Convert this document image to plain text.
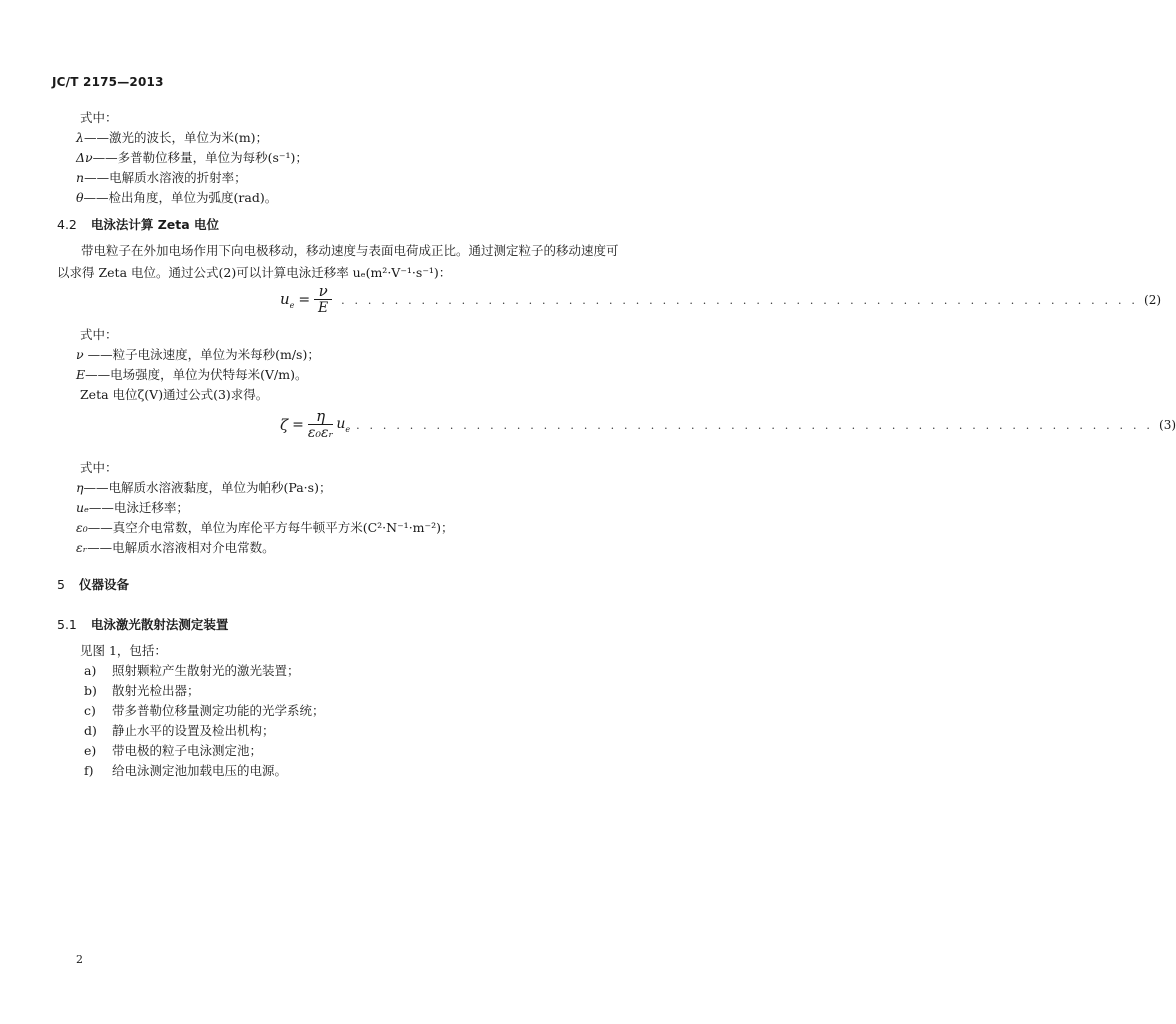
JC/T 2175—2013
式中：
λ——激光的波长，单位为米(m)；
Δν——多普勒位移量，单位为每秒(s⁻¹)；
n——电解质水溶液的折射率；
θ——检出角度，单位为弧度(rad)。
4.2 电泳法计算 Zeta 电位
带电粒子在外加电场作用下向电极移动，移动速度与表面电荷成正比。通过测定粒子的移动速度可
以求得 Zeta 电位。通过公式(2)可以计算电泳迁移率 uₑ(m²·V⁻¹·s⁻¹)：
$u_e = \frac{\nu}{E}$ . . . . . . . . . . . . . . . . . . . . . . . . . . . . . . . . . . . . . . . . . . . . . . . . . . . . . . . . . . . . (2)
式中：
ν ——粒子电泳速度，单位为米每秒(m/s)；
E——电场强度，单位为伏特每米(V/m)。
Zeta 电位ζ(V)通过公式(3)求得。
$\zeta = \frac{\eta}{\text{ε₀εᵣ}} u_e$ . . . . . . . . . . . . . . . . . . . . . . . . . . . . . . . . . . . . . . . . . . . . . . . . . . . . . . . . . . . . (3)
式中：
η——电解质水溶液黏度，单位为帕秒(Pa·s)；
uₑ——电泳迁移率；
ε₀——真空介电常数，单位为库伦平方每牛顿平方米(C²·N⁻¹·m⁻²)；
εᵣ——电解质水溶液相对介电常数。
5 仪器设备
5.1 电泳激光散射法测定装置
见图 1，包括：
a) 照射颗粒产生散射光的激光装置；
b) 散射光检出器；
c) 带多普勒位移量测定功能的光学系统；
d) 静止水平的设置及检出机构；
e) 带电极的粒子电泳测定池；
f) 给电泳测定池加载电压的电源。
2
